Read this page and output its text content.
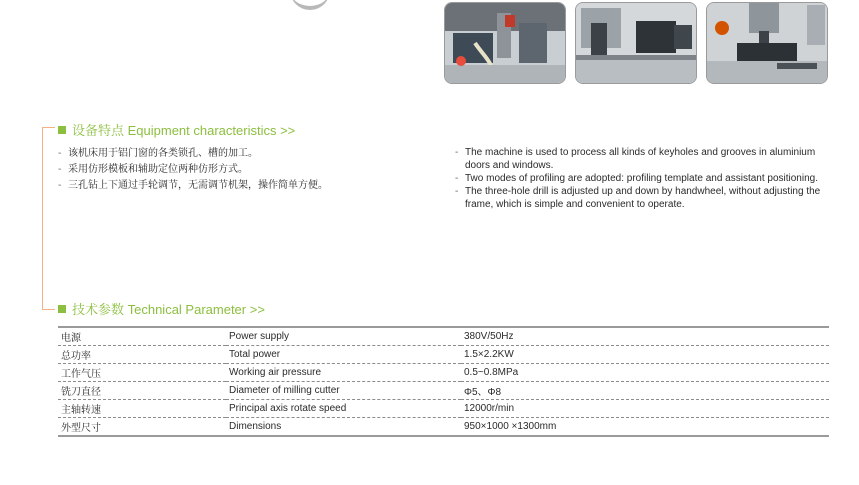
设备特点 Equipment characteristics >>
- 该机床用于铝门窗的各类锁孔、槽的加工。
- 采用仿形模板和辅助定位两种仿形方式。
- 三孔钻上下通过手轮调节，无需调节机架，操作简单方便。
- The machine is used to process all kinds of keyholes and grooves in aluminium doors and windows.
- Two modes of profiling are adopted: profiling template and assistant positioning.
- The three-hole drill is adjusted up and down by handwheel, without adjusting the frame, which is simple and convenient to operate.
技术参数 Technical Parameter >>
电源	Power supply	380V/50Hz
总功率	Total power	1.5×2.2KW
工作气压	Working air pressure	0.5~0.8MPa
铣刀直径	Diameter of milling cutter	Φ5、Φ8
主轴转速	Principal axis rotate speed	12000r/min
外型尺寸	Dimensions	950×1000 ×1300mm
